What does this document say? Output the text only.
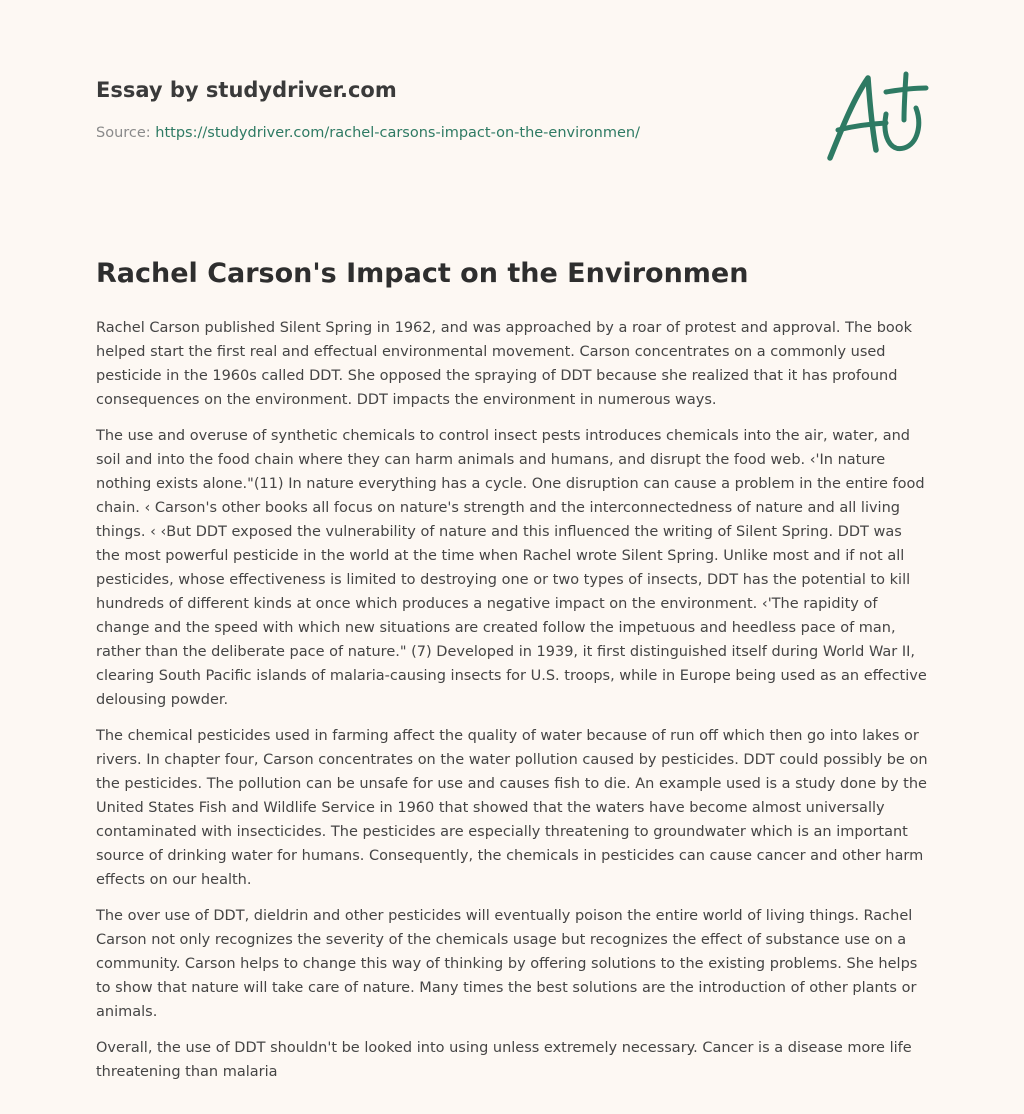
Essay by studydriver.com
Source: https://studydriver.com/rachel-carsons-impact-on-the-environmen/
Rachel Carson's Impact on the Environmen

Rachel Carson published Silent Spring in 1962, and was approached by a roar of protest and approval. The book helped start the first real and effectual environmental movement. Carson concentrates on a commonly used pesticide in the 1960s called DDT. She opposed the spraying of DDT because she realized that it has profound consequences on the environment. DDT impacts the environment in numerous ways.

The use and overuse of synthetic chemicals to control insect pests introduces chemicals into the air, water, and soil and into the food chain where they can harm animals and humans, and disrupt the food web. ‹'In nature nothing exists alone."(11) In nature everything has a cycle. One disruption can cause a problem in the entire food chain. ‹ Carson's other books all focus on nature's strength and the interconnectedness of nature and all living things. ‹ ‹But DDT exposed the vulnerability of nature and this influenced the writing of Silent Spring. DDT was the most powerful pesticide in the world at the time when Rachel wrote Silent Spring. Unlike most and if not all pesticides, whose effectiveness is limited to destroying one or two types of insects, DDT has the potential to kill hundreds of different kinds at once which produces a negative impact on the environment. ‹'The rapidity of change and the speed with which new situations are created follow the impetuous and heedless pace of man, rather than the deliberate pace of nature." (7) Developed in 1939, it first distinguished itself during World War II, clearing South Pacific islands of malaria-causing insects for U.S. troops, while in Europe being used as an effective delousing powder.

The chemical pesticides used in farming affect the quality of water because of run off which then go into lakes or rivers. In chapter four, Carson concentrates on the water pollution caused by pesticides. DDT could possibly be on the pesticides. The pollution can be unsafe for use and causes fish to die. An example used is a study done by the United States Fish and Wildlife Service in 1960 that showed that the waters have become almost universally contaminated with insecticides. The pesticides are especially threatening to groundwater which is an important source of drinking water for humans. Consequently, the chemicals in pesticides can cause cancer and other harm effects on our health.

The over use of DDT, dieldrin and other pesticides will eventually poison the entire world of living things. Rachel Carson not only recognizes the severity of the chemicals usage but recognizes the effect of substance use on a community. Carson helps to change this way of thinking by offering solutions to the existing problems. She helps to show that nature will take care of nature. Many times the best solutions are the introduction of other plants or animals.

Overall, the use of DDT shouldn't be looked into using unless extremely necessary. Cancer is a disease more life threatening than malaria
